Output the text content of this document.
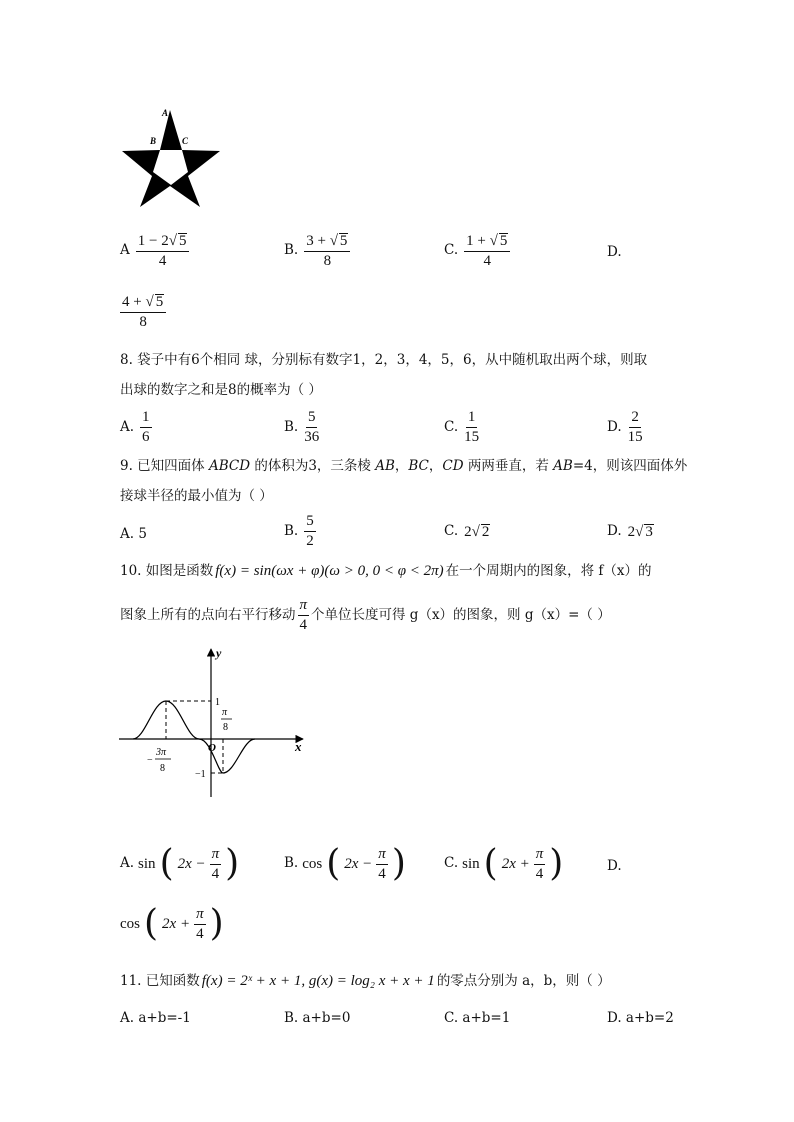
A
B	C
A $\frac{1 - 2√ 5}{4}$	B. $\frac{3 + √ 5}{8}$	C. $\frac{1 + √ 5}{4}$	D.
$\frac{4 + √ 5}{8}$
8. 袋子中有6个相同 球，分别标有数字1，2，3，4，5，6，从中随机取出两个球，则取
出球的数字之和是8的概率为（ ）
A. $\frac{1}{6}$	B. $\frac{5}{36}$	C. $\frac{1}{15}$	D. $\frac{2}{15}$
9. 已知四面体 ABCD 的体积为3，三条棱 AB，BC，CD 两两垂直，若 AB=4，则该四面体外
接球半径的最小值为（ ）
A. 5	B. $\frac{5}{2}$	C. 2√ 2	D. 2√ 3
10. 如图是函数 f(x) = sin(ωx + φ)(ω > 0, 0 < φ < 2π) 在一个周期内的图象，将 f（x）的
图象上所有的点向右平行移动 $\frac{\pi}{4}$ 个单位长度可得 g（x）的图象，则 g（x）=（ ）
y
x
O
1
−1
π
8
−
3π
8
A. sin ( $2x - \frac{\pi}{4}$ )	B. cos ( $2x - \frac{\pi}{4}$ )	C. sin ( $2x + \frac{\pi}{4}$ )	D.
cos ( $2x + \frac{\pi}{4}$ )
11. 已知函数 f(x) = 2ˣ + x + 1, g(x) = log₂ x + x + 1 的零点分别为 a，b，则（ ）
A. a+b=-1	B. a+b=0	C. a+b=1	D. a+b=2
